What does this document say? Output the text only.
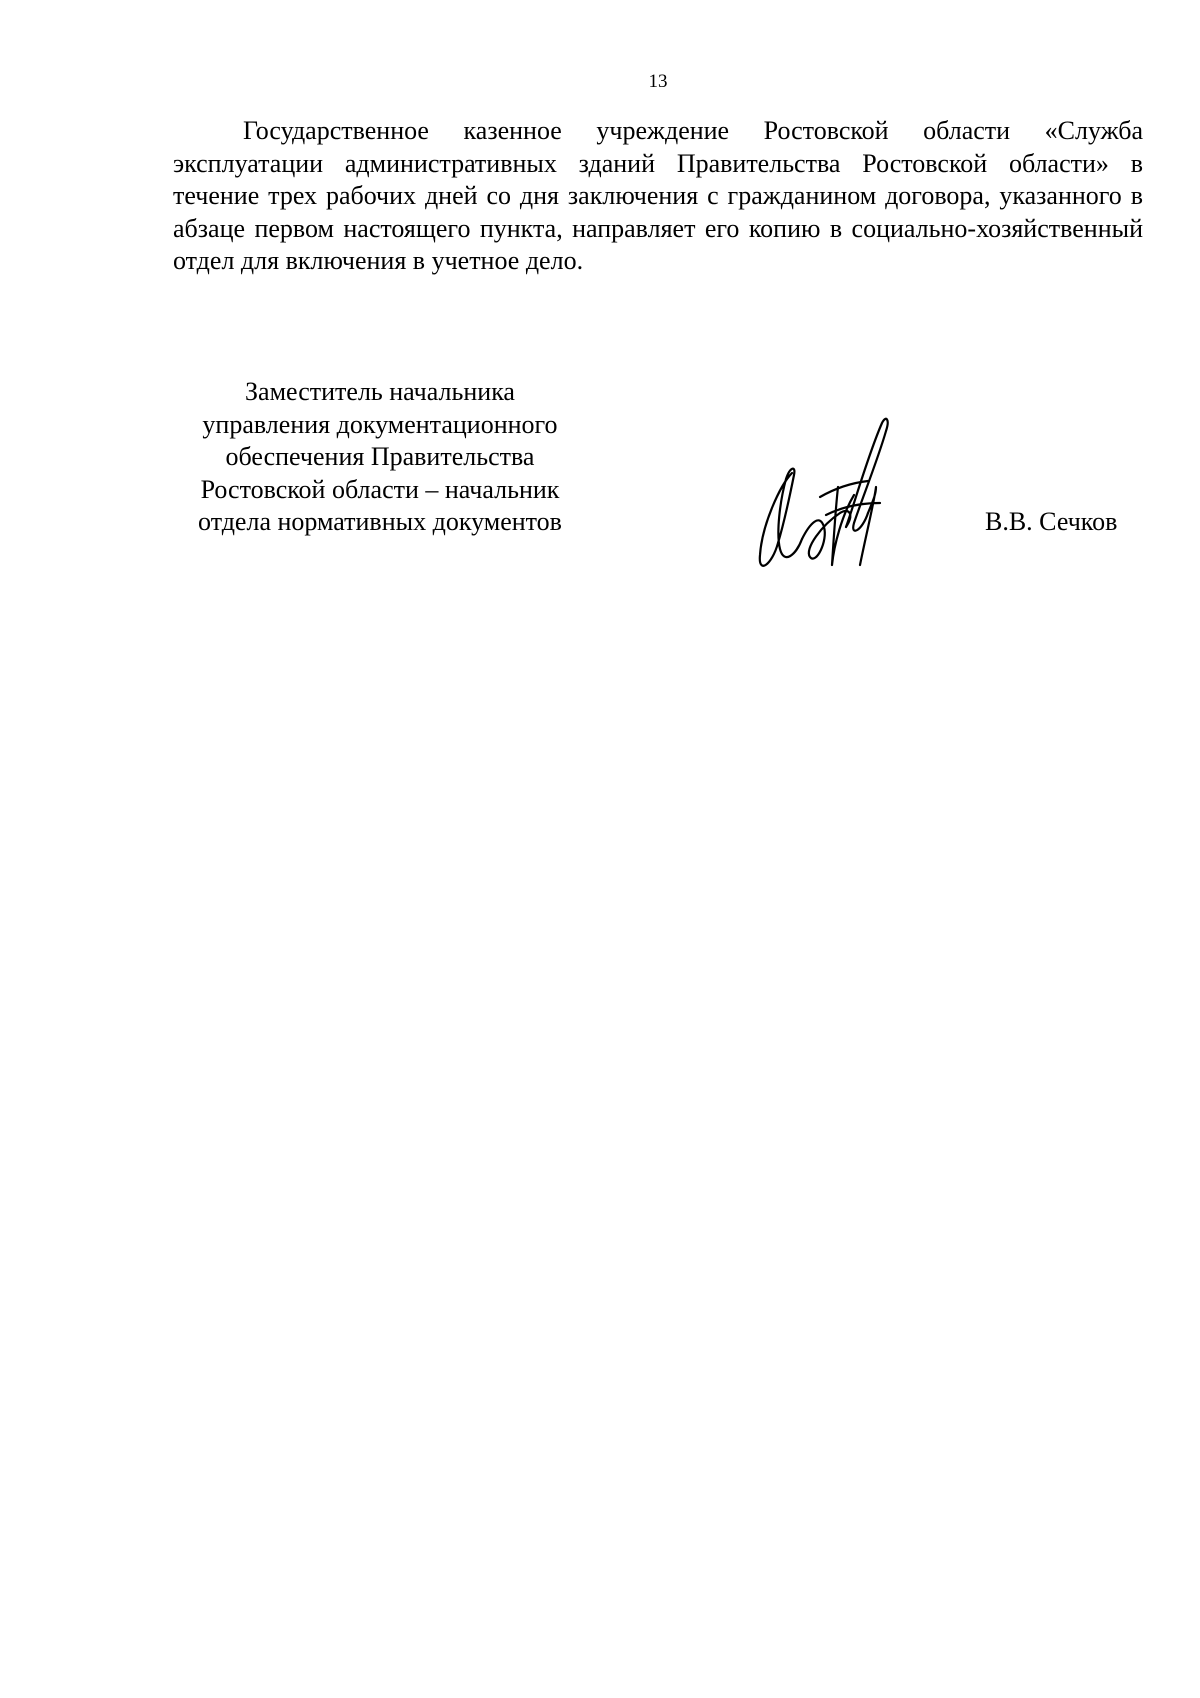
13

Государственное казенное учреждение Ростовской области «Служба эксплуатации административных зданий Правительства Ростовской области» в течение трех рабочих дней со дня заключения с гражданином договора, указанного в абзаце первом настоящего пункта, направляет его копию в социально-хозяйственный отдел для включения в учетное дело.

Заместитель начальника
управления документационного
обеспечения Правительства
Ростовской области – начальник
отдела нормативных документов	В.В. Сечков
